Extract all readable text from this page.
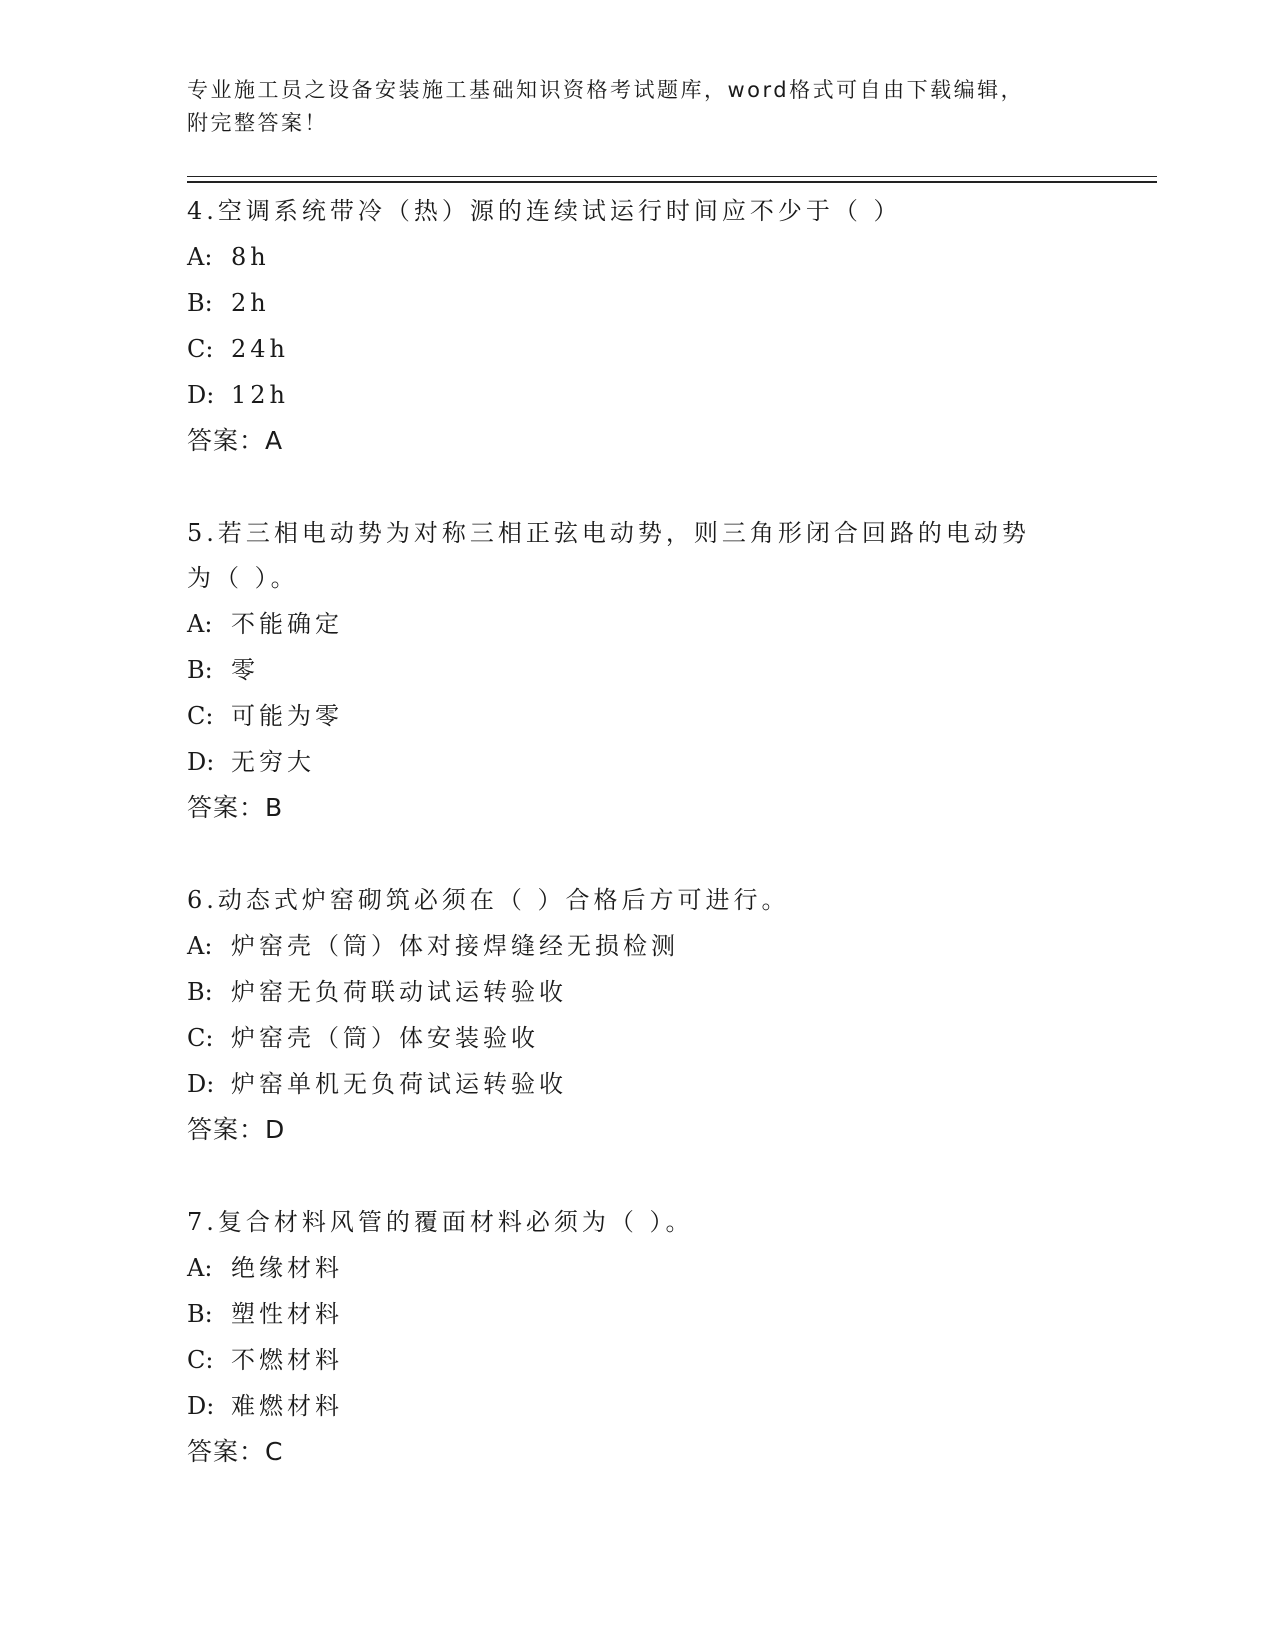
专业施工员之设备安装施工基础知识资格考试题库，word格式可自由下载编辑，
附完整答案！
4.空调系统带冷（热）源的连续试运行时间应不少于（ ）
A: 8h
B: 2h
C: 24h
D: 12h
答案：A
5.若三相电动势为对称三相正弦电动势，则三角形闭合回路的电动势
为（ ）。
A: 不能确定
B: 零
C: 可能为零
D: 无穷大
答案：B
6.动态式炉窑砌筑必须在（ ）合格后方可进行。
A: 炉窑壳（筒）体对接焊缝经无损检测
B: 炉窑无负荷联动试运转验收
C: 炉窑壳（筒）体安装验收
D: 炉窑单机无负荷试运转验收
答案：D
7.复合材料风管的覆面材料必须为（ ）。
A: 绝缘材料
B: 塑性材料
C: 不燃材料
D: 难燃材料
答案：C
